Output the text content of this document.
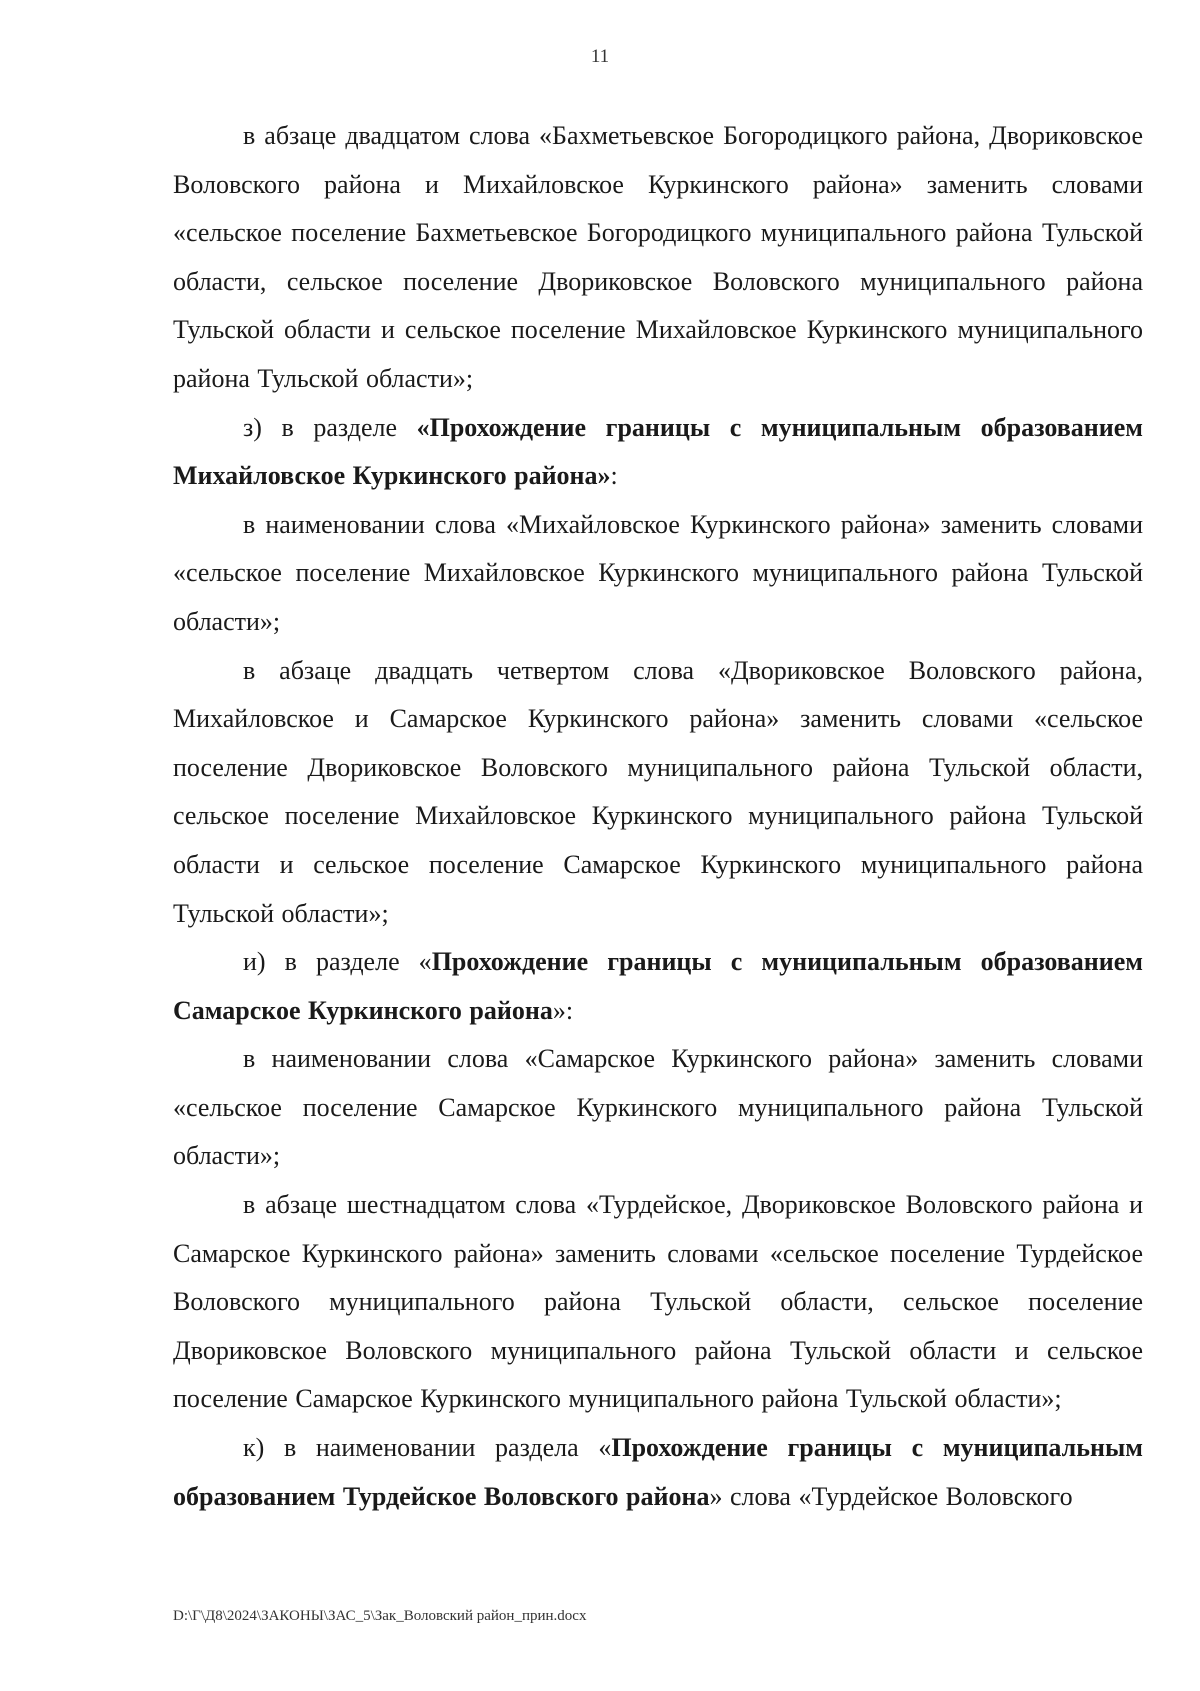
11

в абзаце двадцатом слова «Бахметьевское Богородицкого района, Двориковское Воловского района и Михайловское Куркинского района» заменить словами «сельское поселение Бахметьевское Богородицкого муниципального района Тульской области, сельское поселение Двориковское Воловского муниципального района Тульской области и сельское поселение Михайловское Куркинского муниципального района Тульской области»;

з) в разделе «Прохождение границы с муниципальным образованием Михайловское Куркинского района»:

в наименовании слова «Михайловское Куркинского района» заменить словами «сельское поселение Михайловское Куркинского муниципального района Тульской области»;

в абзаце двадцать четвертом слова «Двориковское Воловского района, Михайловское и Самарское Куркинского района» заменить словами «сельское поселение Двориковское Воловского муниципального района Тульской области, сельское поселение Михайловское Куркинского муниципального района Тульской области и сельское поселение Самарское Куркинского муниципального района Тульской области»;

и) в разделе «Прохождение границы с муниципальным образованием Самарское Куркинского района»:

в наименовании слова «Самарское Куркинского района» заменить словами «сельское поселение Самарское Куркинского муниципального района Тульской области»;

в абзаце шестнадцатом слова «Турдейское, Двориковское Воловского района и Самарское Куркинского района» заменить словами «сельское поселение Турдейское Воловского муниципального района Тульской области, сельское поселение Двориковское Воловского муниципального района Тульской области и сельское поселение Самарское Куркинского муниципального района Тульской области»;

к) в наименовании раздела «Прохождение границы с муниципальным образованием Турдейское Воловского района» слова «Турдейское Воловского

D:\Г\Д8\2024\ЗАКОНЫ\ЗАС_5\Зак_Воловский район_прин.docx
